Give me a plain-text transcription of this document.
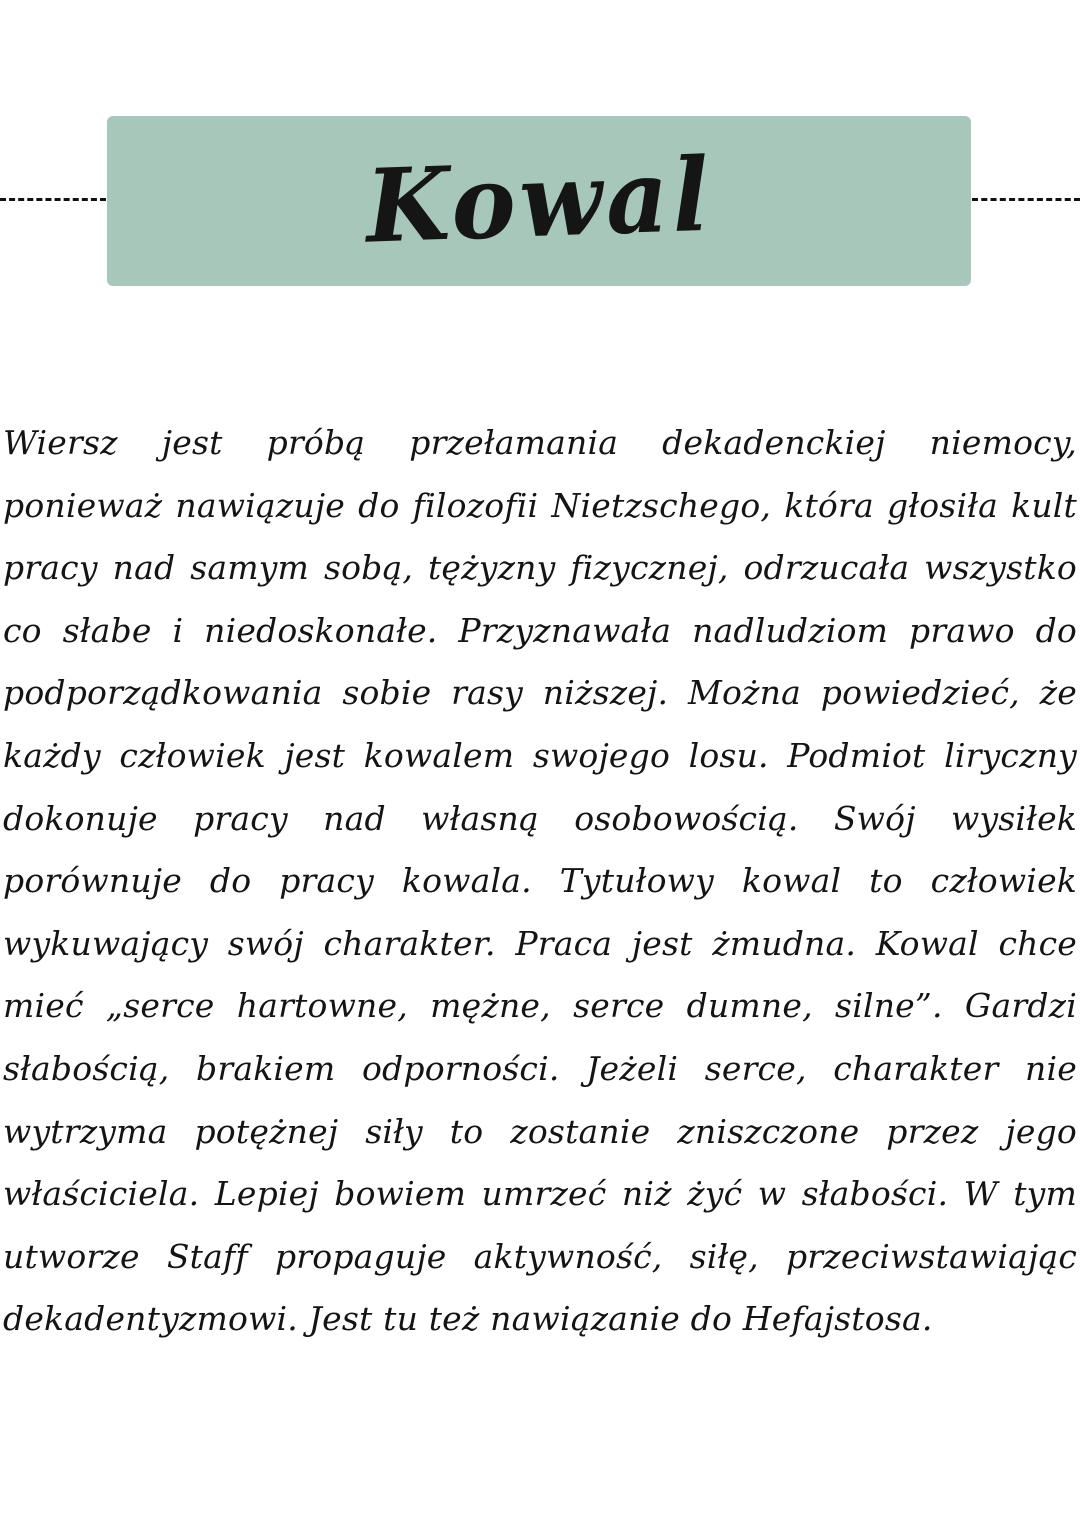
Kowal

Wiersz jest próbą przełamania dekadenckiej niemocy, ponieważ nawiązuje do filozofii Nietzschego, która głosiła kult pracy nad samym sobą, tężyzny fizycznej, odrzucała wszystko co słabe i niedoskonałe. Przyznawała nadludziom prawo do podporządkowania sobie rasy niższej. Można powiedzieć, że każdy człowiek jest kowalem swojego losu. Podmiot liryczny dokonuje pracy nad własną osobowością. Swój wysiłek porównuje do pracy kowala. Tytułowy kowal to człowiek wykuwający swój charakter. Praca jest żmudna. Kowal chce mieć „serce hartowne, mężne, serce dumne, silne”. Gardzi słabością, brakiem odporności. Jeżeli serce, charakter nie wytrzyma potężnej siły to zostanie zniszczone przez jego właściciela. Lepiej bowiem umrzeć niż żyć w słabości. W tym utworze Staff propaguje aktywność, siłę, przeciwstawiając dekadentyzmowi. Jest tu też nawiązanie do Hefajstosa.
